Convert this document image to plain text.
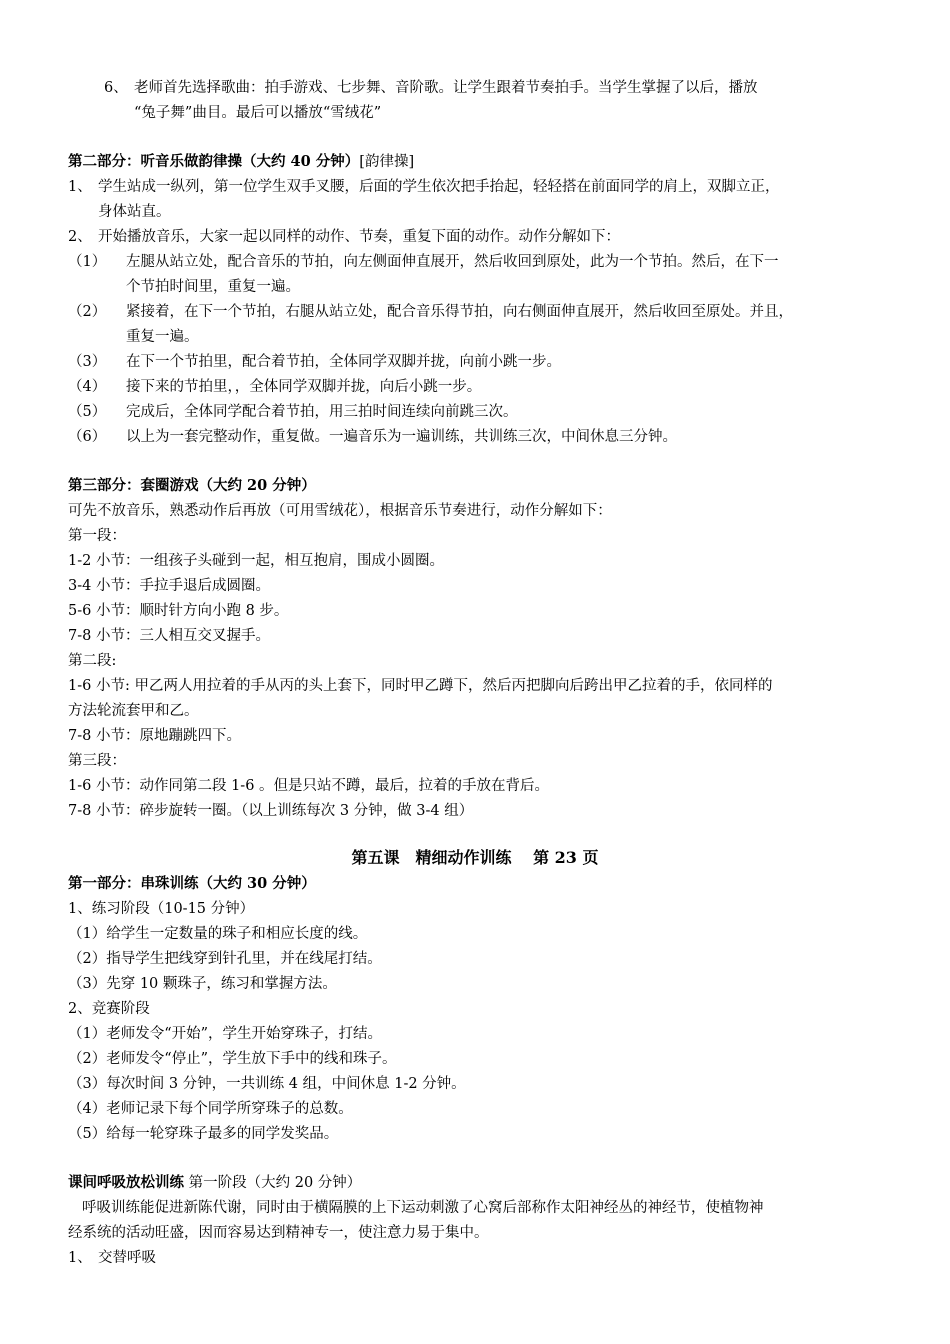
6、 老师首先选择歌曲：拍手游戏、七步舞、音阶歌。让学生跟着节奏拍手。当学生掌握了以后，播放
“兔子舞”曲目。最后可以播放“雪绒花”
第二部分：听音乐做韵律操（大约 40 分钟）[韵律操]
1、 学生站成一纵列，第一位学生双手叉腰，后面的学生依次把手抬起，轻轻搭在前面同学的肩上，双脚立正，
身体站直。
2、 开始播放音乐，大家一起以同样的动作、节奏，重复下面的动作。动作分解如下：
（1） 左腿从站立处，配合音乐的节拍，向左侧面伸直展开，然后收回到原处，此为一个节拍。然后，在下一
个节拍时间里，重复一遍。
（2） 紧接着，在下一个节拍，右腿从站立处，配合音乐得节拍，向右侧面伸直展开，然后收回至原处。并且，
重复一遍。
（3） 在下一个节拍里，配合着节拍，全体同学双脚并拢，向前小跳一步。
（4） 接下来的节拍里，，全体同学双脚并拢，向后小跳一步。
（5） 完成后，全体同学配合着节拍，用三拍时间连续向前跳三次。
（6） 以上为一套完整动作，重复做。一遍音乐为一遍训练，共训练三次，中间休息三分钟。
第三部分：套圈游戏（大约 20 分钟）
可先不放音乐，熟悉动作后再放（可用雪绒花），根据音乐节奏进行，动作分解如下：
第一段：
1-2 小节：一组孩子头碰到一起，相互抱肩，围成小圆圈。
3-4 小节：手拉手退后成圆圈。
5-6 小节：顺时针方向小跑 8 步。
7-8 小节：三人相互交叉握手。
第二段:
1-6 小节: 甲乙两人用拉着的手从丙的头上套下，同时甲乙蹲下，然后丙把脚向后跨出甲乙拉着的手，依同样的
方法轮流套甲和乙。
7-8 小节：原地蹦跳四下。
第三段：
1-6 小节：动作同第二段 1-6 。但是只站不蹲，最后，拉着的手放在背后。
7-8 小节：碎步旋转一圈。（以上训练每次 3 分钟，做 3-4 组）
第五课　精细动作训练　 第 23 页
第一部分：串珠训练（大约 30 分钟）
1、练习阶段（10-15 分钟）
（1）给学生一定数量的珠子和相应长度的线。
（2）指导学生把线穿到针孔里，并在线尾打结。
（3）先穿 10 颗珠子，练习和掌握方法。
2、竞赛阶段
（1）老师发令“开始”，学生开始穿珠子，打结。
（2）老师发令“停止”，学生放下手中的线和珠子。
（3）每次时间 3 分钟，一共训练 4 组，中间休息 1-2 分钟。
（4）老师记录下每个同学所穿珠子的总数。
（5）给每一轮穿珠子最多的同学发奖品。
课间呼吸放松训练 第一阶段（大约 20 分钟）
呼吸训练能促进新陈代谢，同时由于横隔膜的上下运动刺激了心窝后部称作太阳神经丛的神经节，使植物神
经系统的活动旺盛，因而容易达到精神专一，使注意力易于集中。
1、 交替呼吸
